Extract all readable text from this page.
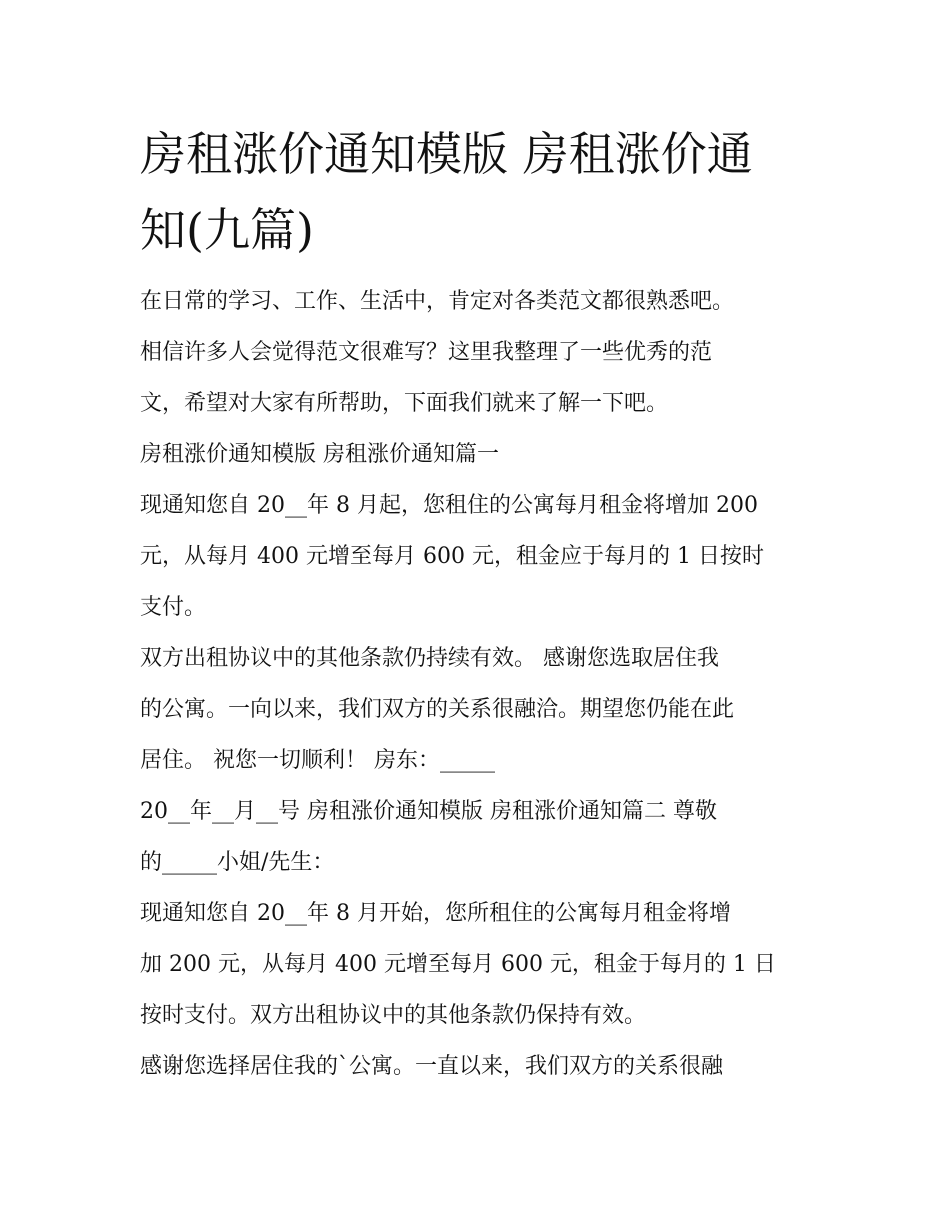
房租涨价通知模版 房租涨价通
知(九篇)

在日常的学习、工作、生活中，肯定对各类范文都很熟悉吧。

相信许多人会觉得范文很难写？这里我整理了一些优秀的范

文，希望对大家有所帮助，下面我们就来了解一下吧。

房租涨价通知模版 房租涨价通知篇一

现通知您自 20__年 8 月起，您租住的公寓每月租金将增加 200

元，从每月 400 元增至每月 600 元，租金应于每月的 1 日按时

支付。

双方出租协议中的其他条款仍持续有效。 感谢您选取居住我

的公寓。一向以来，我们双方的关系很融洽。期望您仍能在此

居住。 祝您一切顺利！ 房东：_____

20__年__月__号 房租涨价通知模版 房租涨价通知篇二 尊敬

的_____小姐/先生：

现通知您自 20__年 8 月开始，您所租住的公寓每月租金将增

加 200 元，从每月 400 元增至每月 600 元，租金于每月的 1 日

按时支付。双方出租协议中的其他条款仍保持有效。

感谢您选择居住我的`公寓。一直以来，我们双方的关系很融
